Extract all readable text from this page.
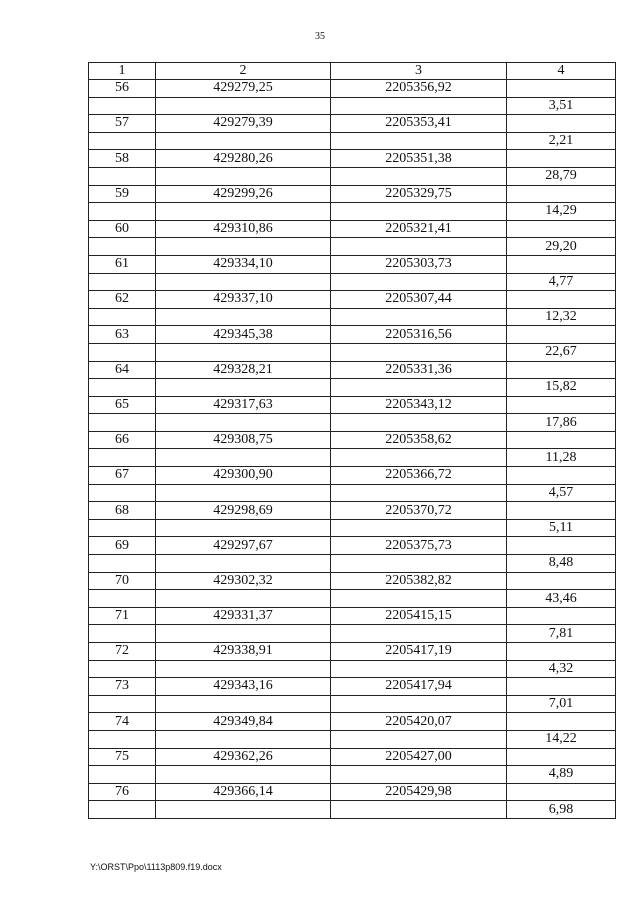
35
1	2	3	4
56	429279,25	2205356,92	
			3,51
57	429279,39	2205353,41	
			2,21
58	429280,26	2205351,38	
			28,79
59	429299,26	2205329,75	
			14,29
60	429310,86	2205321,41	
			29,20
61	429334,10	2205303,73	
			4,77
62	429337,10	2205307,44	
			12,32
63	429345,38	2205316,56	
			22,67
64	429328,21	2205331,36	
			15,82
65	429317,63	2205343,12	
			17,86
66	429308,75	2205358,62	
			11,28
67	429300,90	2205366,72	
			4,57
68	429298,69	2205370,72	
			5,11
69	429297,67	2205375,73	
			8,48
70	429302,32	2205382,82	
			43,46
71	429331,37	2205415,15	
			7,81
72	429338,91	2205417,19	
			4,32
73	429343,16	2205417,94	
			7,01
74	429349,84	2205420,07	
			14,22
75	429362,26	2205427,00	
			4,89
76	429366,14	2205429,98	
			6,98
Y:\ORST\Ppo\1113p809.f19.docx
